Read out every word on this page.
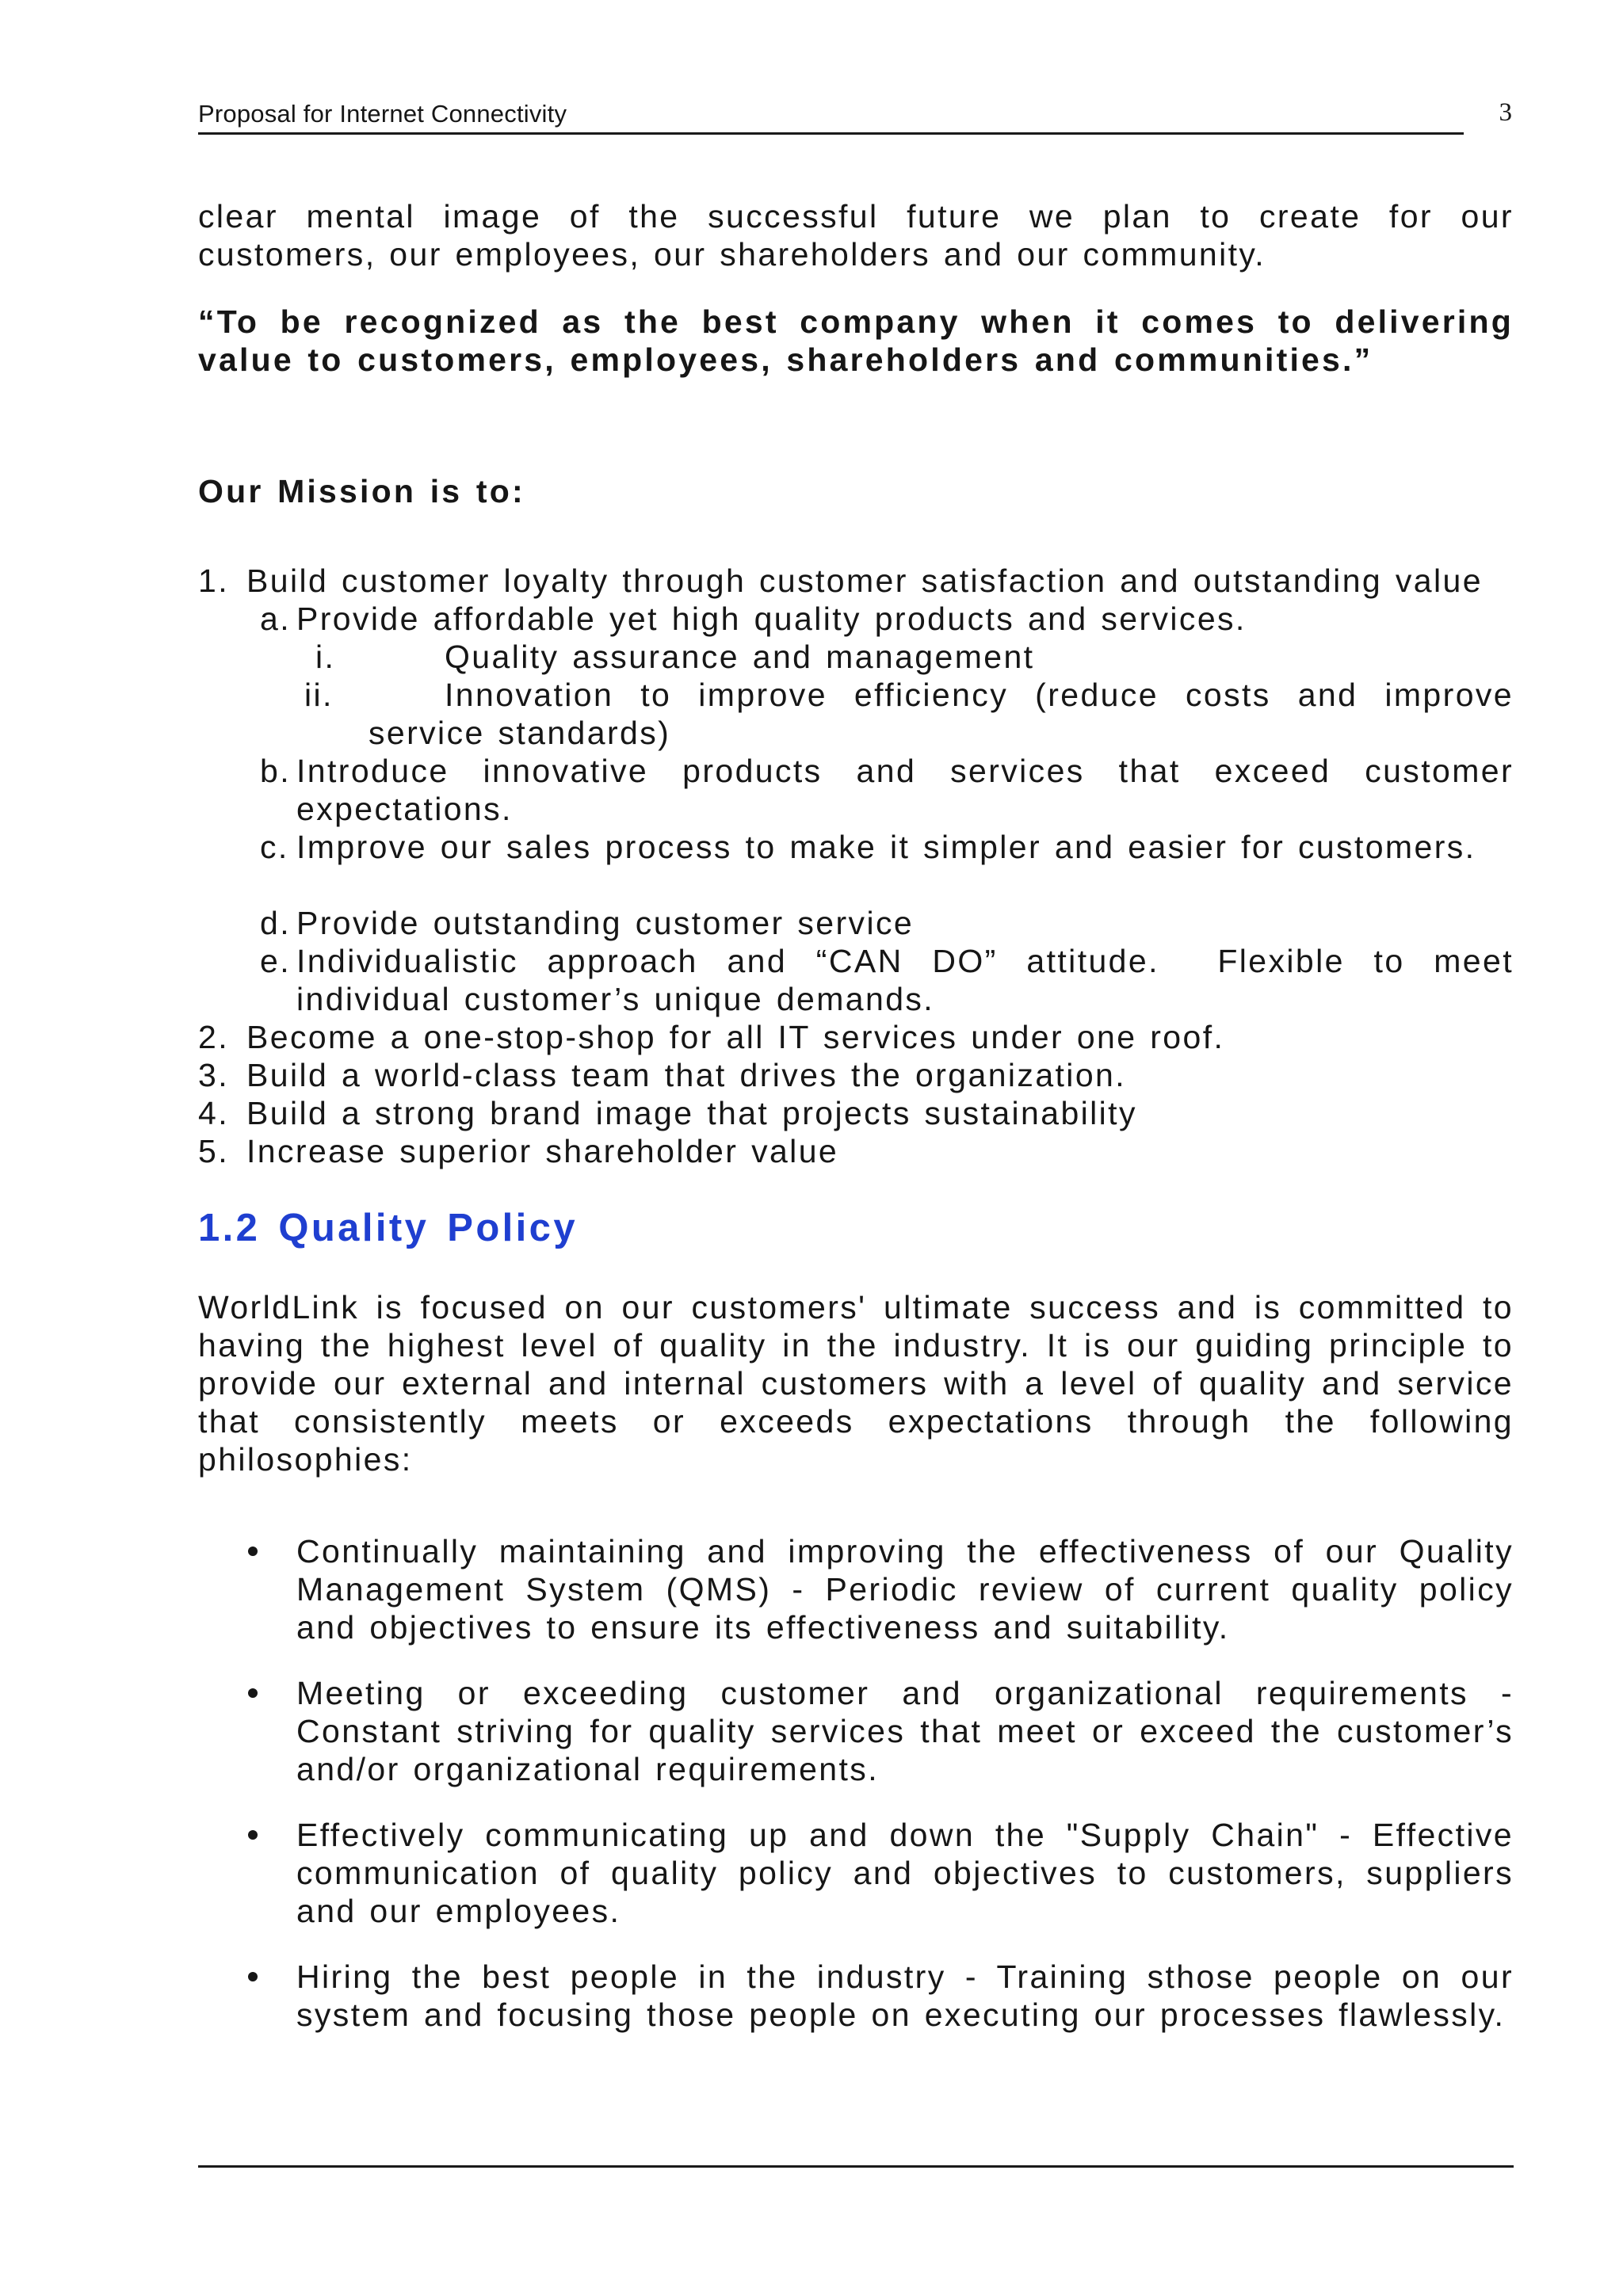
Proposal for Internet Connectivity	3
clear mental image of the successful future we plan to create for our
customers, our employees, our shareholders and our community.
“To be recognized as the best company when it comes to delivering
value to customers, employees, shareholders and communities.”
Our Mission is to:
1. Build customer loyalty through customer satisfaction and outstanding value
a. Provide affordable yet high quality products and services.
i.	Quality assurance and management
ii.	Innovation to improve efficiency (reduce costs and improve
service standards)
b. Introduce innovative products and services that exceed customer
expectations.
c. Improve our sales process to make it simpler and easier for customers.
d. Provide outstanding customer service
e. Individualistic approach and “CAN DO” attitude.  Flexible to meet
individual customer’s unique demands.
2. Become a one-stop-shop for all IT services under one roof.
3. Build a world-class team that drives the organization.
4. Build a strong brand image that projects sustainability
5. Increase superior shareholder value
1.2 Quality Policy
WorldLink is focused on our customers' ultimate success and is committed to having the highest level of quality in the industry. It is our guiding principle to provide our external and internal customers with a level of quality and service that consistently meets or exceeds expectations through the following philosophies:
Continually maintaining and improving the effectiveness of our Quality Management System (QMS) - Periodic review of current quality policy and objectives to ensure its effectiveness and suitability.
Meeting or exceeding customer and organizational requirements - Constant striving for quality services that meet or exceed the customer’s and/or organizational requirements.
Effectively communicating up and down the "Supply Chain" - Effective communication of quality policy and objectives to customers, suppliers and our employees.
Hiring the best people in the industry - Training sthose people on our system and focusing those people on executing our processes flawlessly.
